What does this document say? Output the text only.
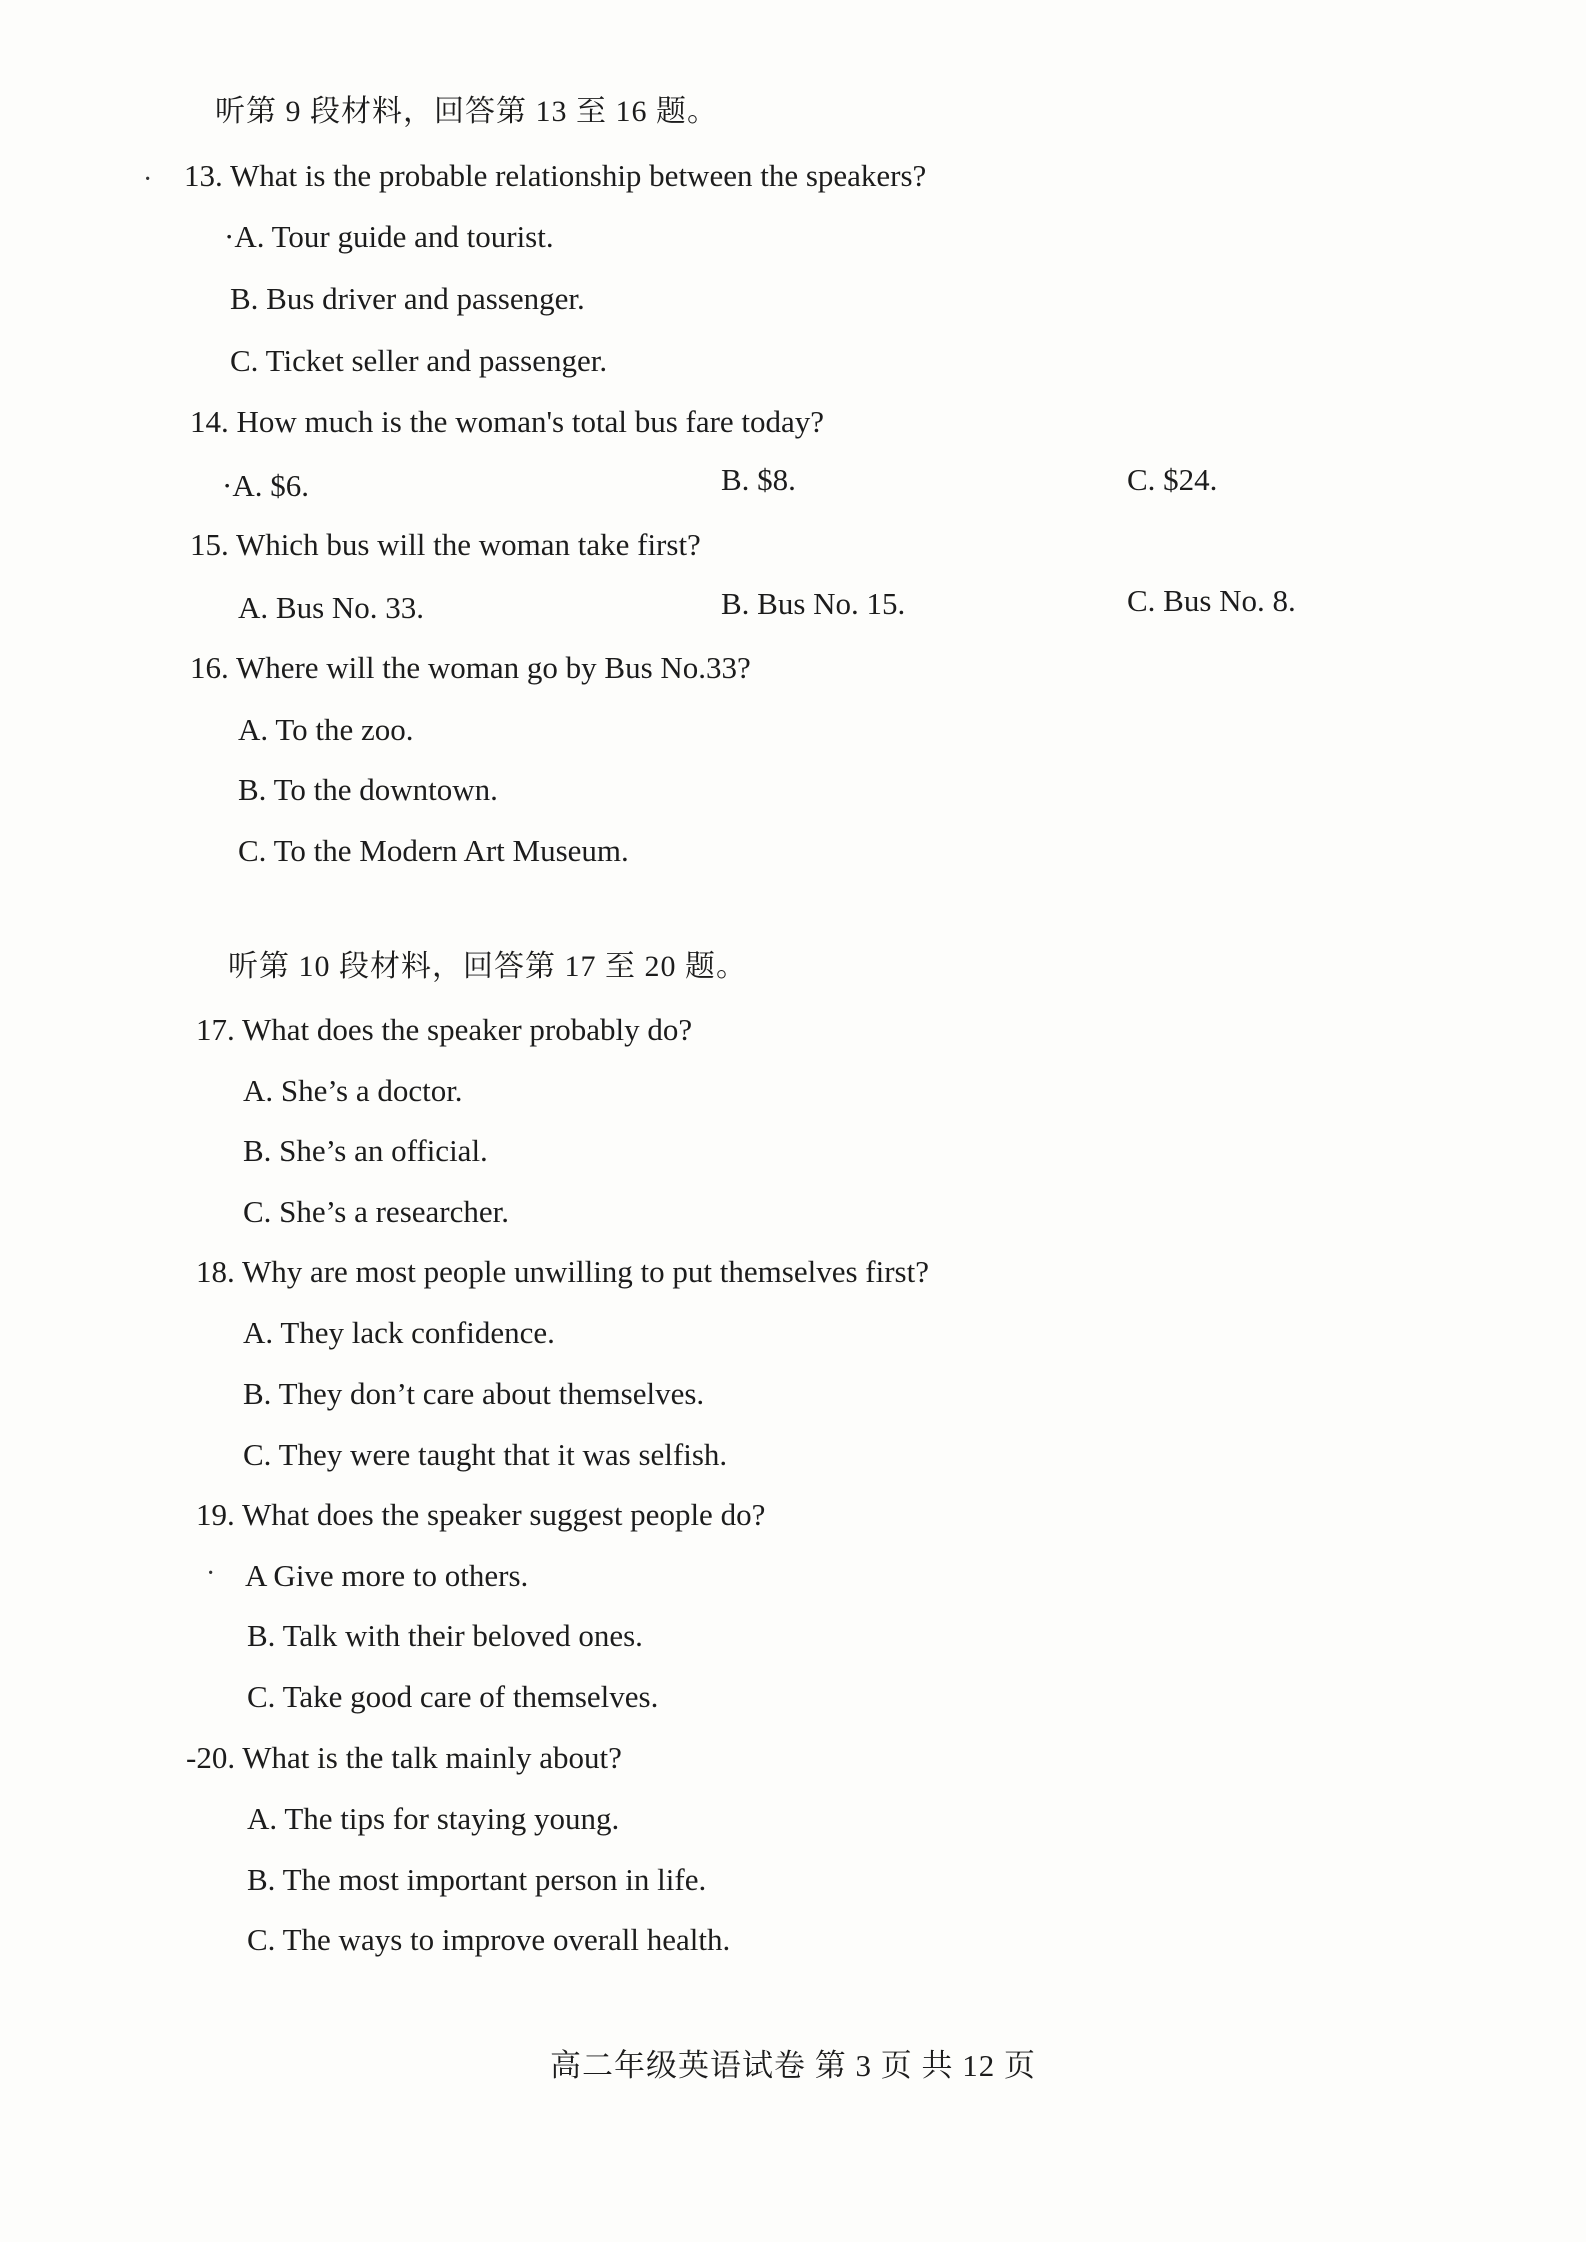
听第 9 段材料，回答第 13 至 16 题。
· 13. What is the probable relationship between the speakers?
·A. Tour guide and tourist.
B. Bus driver and passenger.
C. Ticket seller and passenger.
14. How much is the woman's total bus fare today?
·A. $6.	B. $8.	C. $24.
15. Which bus will the woman take first?
A. Bus No. 33.	B. Bus No. 15.	C. Bus No. 8.
16. Where will the woman go by Bus No.33?
A. To the zoo.
B. To the downtown.
C. To the Modern Art Museum.
听第 10 段材料，回答第 17 至 20 题。
17. What does the speaker probably do?
A. She’s a doctor.
B. She’s an official.
C. She’s a researcher.
18. Why are most people unwilling to put themselves first?
A. They lack confidence.
B. They don’t care about themselves.
C. They were taught that it was selfish.
19. What does the speaker suggest people do?
· A Give more to others.
B. Talk with their beloved ones.
C. Take good care of themselves.
-20. What is the talk mainly about?
A. The tips for staying young.
B. The most important person in life.
C. The ways to improve overall health.
高二年级英语试卷 第 3 页 共 12 页
